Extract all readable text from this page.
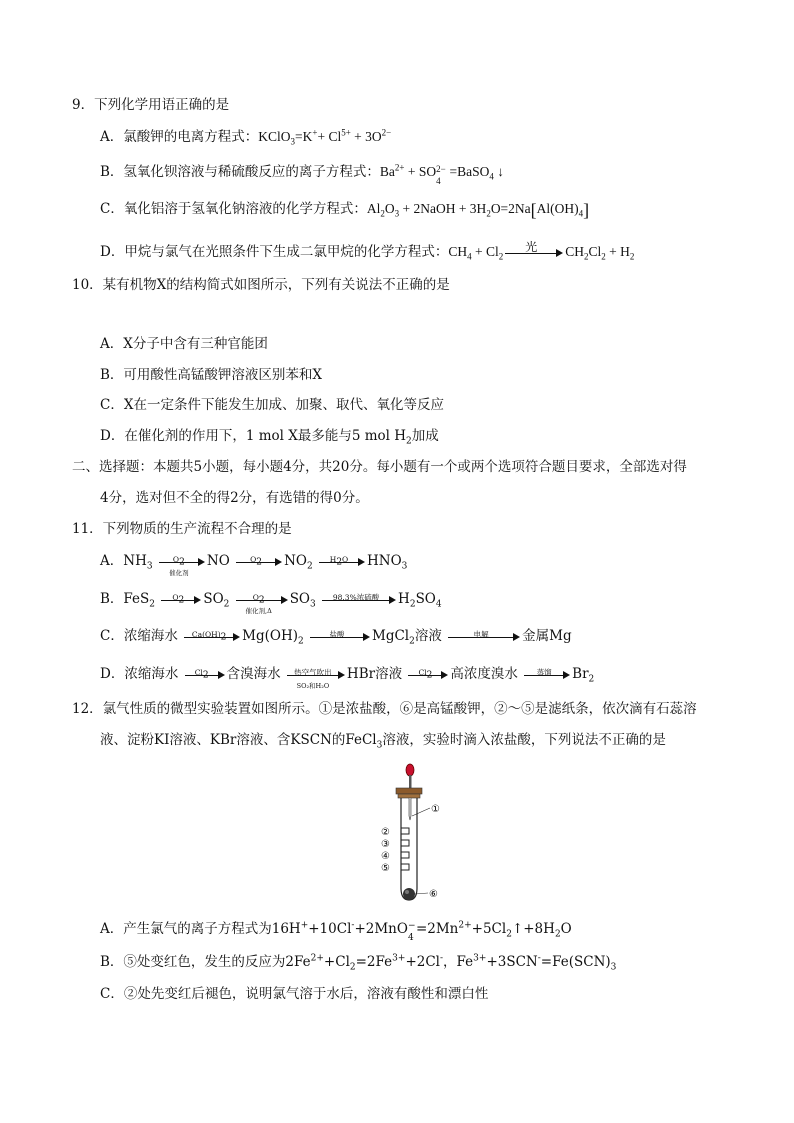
9．下列化学用语正确的是
A．氯酸钾的电离方程式：KClO$_3$=K++ $Cl^{5+} + 3O^{2-}$
B．氢氧化钡溶液与稀硫酸反应的离子方程式：$Ba^{2+}$ + SO 2−
4
=BaSO$_4$ ↓
C．氧化铝溶于氢氧化钠溶液的化学方程式：$Al_2O_3$ + 2NaOH + $3H_2O=2Na[Al(OH)_4]$
D．甲烷与氯气在光照条件下生成二氯甲烷的化学方程式：$CH_4 + Cl_2$
光	$CH_2Cl_2 + H_2$
10．某有机物X的结构简式如图所示，下列有关说法不正确的是
A．X分子中含有三种官能团
B．可用酸性高锰酸钾溶液区别苯和X
C．X在一定条件下能发生加成、加聚、取代、氧化等反应
D．在催化剂的作用下，1 mol X最多能与5 mol $H_2$加成
二、选择题：本题共5小题，每小题4分，共20分。每小题有一个或两个选项符合题目要求，全部选对得
4分，选对但不全的得2分，有选错的得0分。
11．下列物质的生产流程不合理的是
A．$NH_3$
$O_2$
催化剂
NO	$O_2$	$NO_2$
$H_2O$	$HNO_3$
B．FeS$_2$
$O_2$	$SO_2$
$O_2$
催化剂,Δ
$SO_3$
98.3%浓硫酸	$H_2SO_4$
C．浓缩海水	$Ca(OH)_2$	$Mg(OH)_2$
盐酸	MgCl$_2$溶液	电解	金属Mg
D．浓缩海水	$Cl_2$	含溴海水	热空气吹出
SO₂和H₂O
HBr溶液	$Cl_2$	高浓度溴水	蒸馏	$Br_2$
12．氯气性质的微型实验装置如图所示。①是浓盐酸，⑥是高锰酸钾，②～⑤是滤纸条，依次滴有石蕊溶
液、淀粉KI溶液、KBr溶液、含KSCN的FeCl$_3$溶液，实验时滴入浓盐酸，下列说法不正确的是
①
②
③
④
⑤
⑥
A．产生氯气的离子方程式为16H++10Cl-+2MnO −
4
$=2Mn^{2+}+5Cl_2↑+8H_2O$
B．⑤处变红色，发生的反应为$2Fe^{2+}+Cl_2=2Fe^{3+}+2Cl^-$，$Fe^{3+}+3SCN^-=Fe(SCN)_3$
C．②处先变红后褪色，说明氯气溶于水后，溶液有酸性和漂白性
